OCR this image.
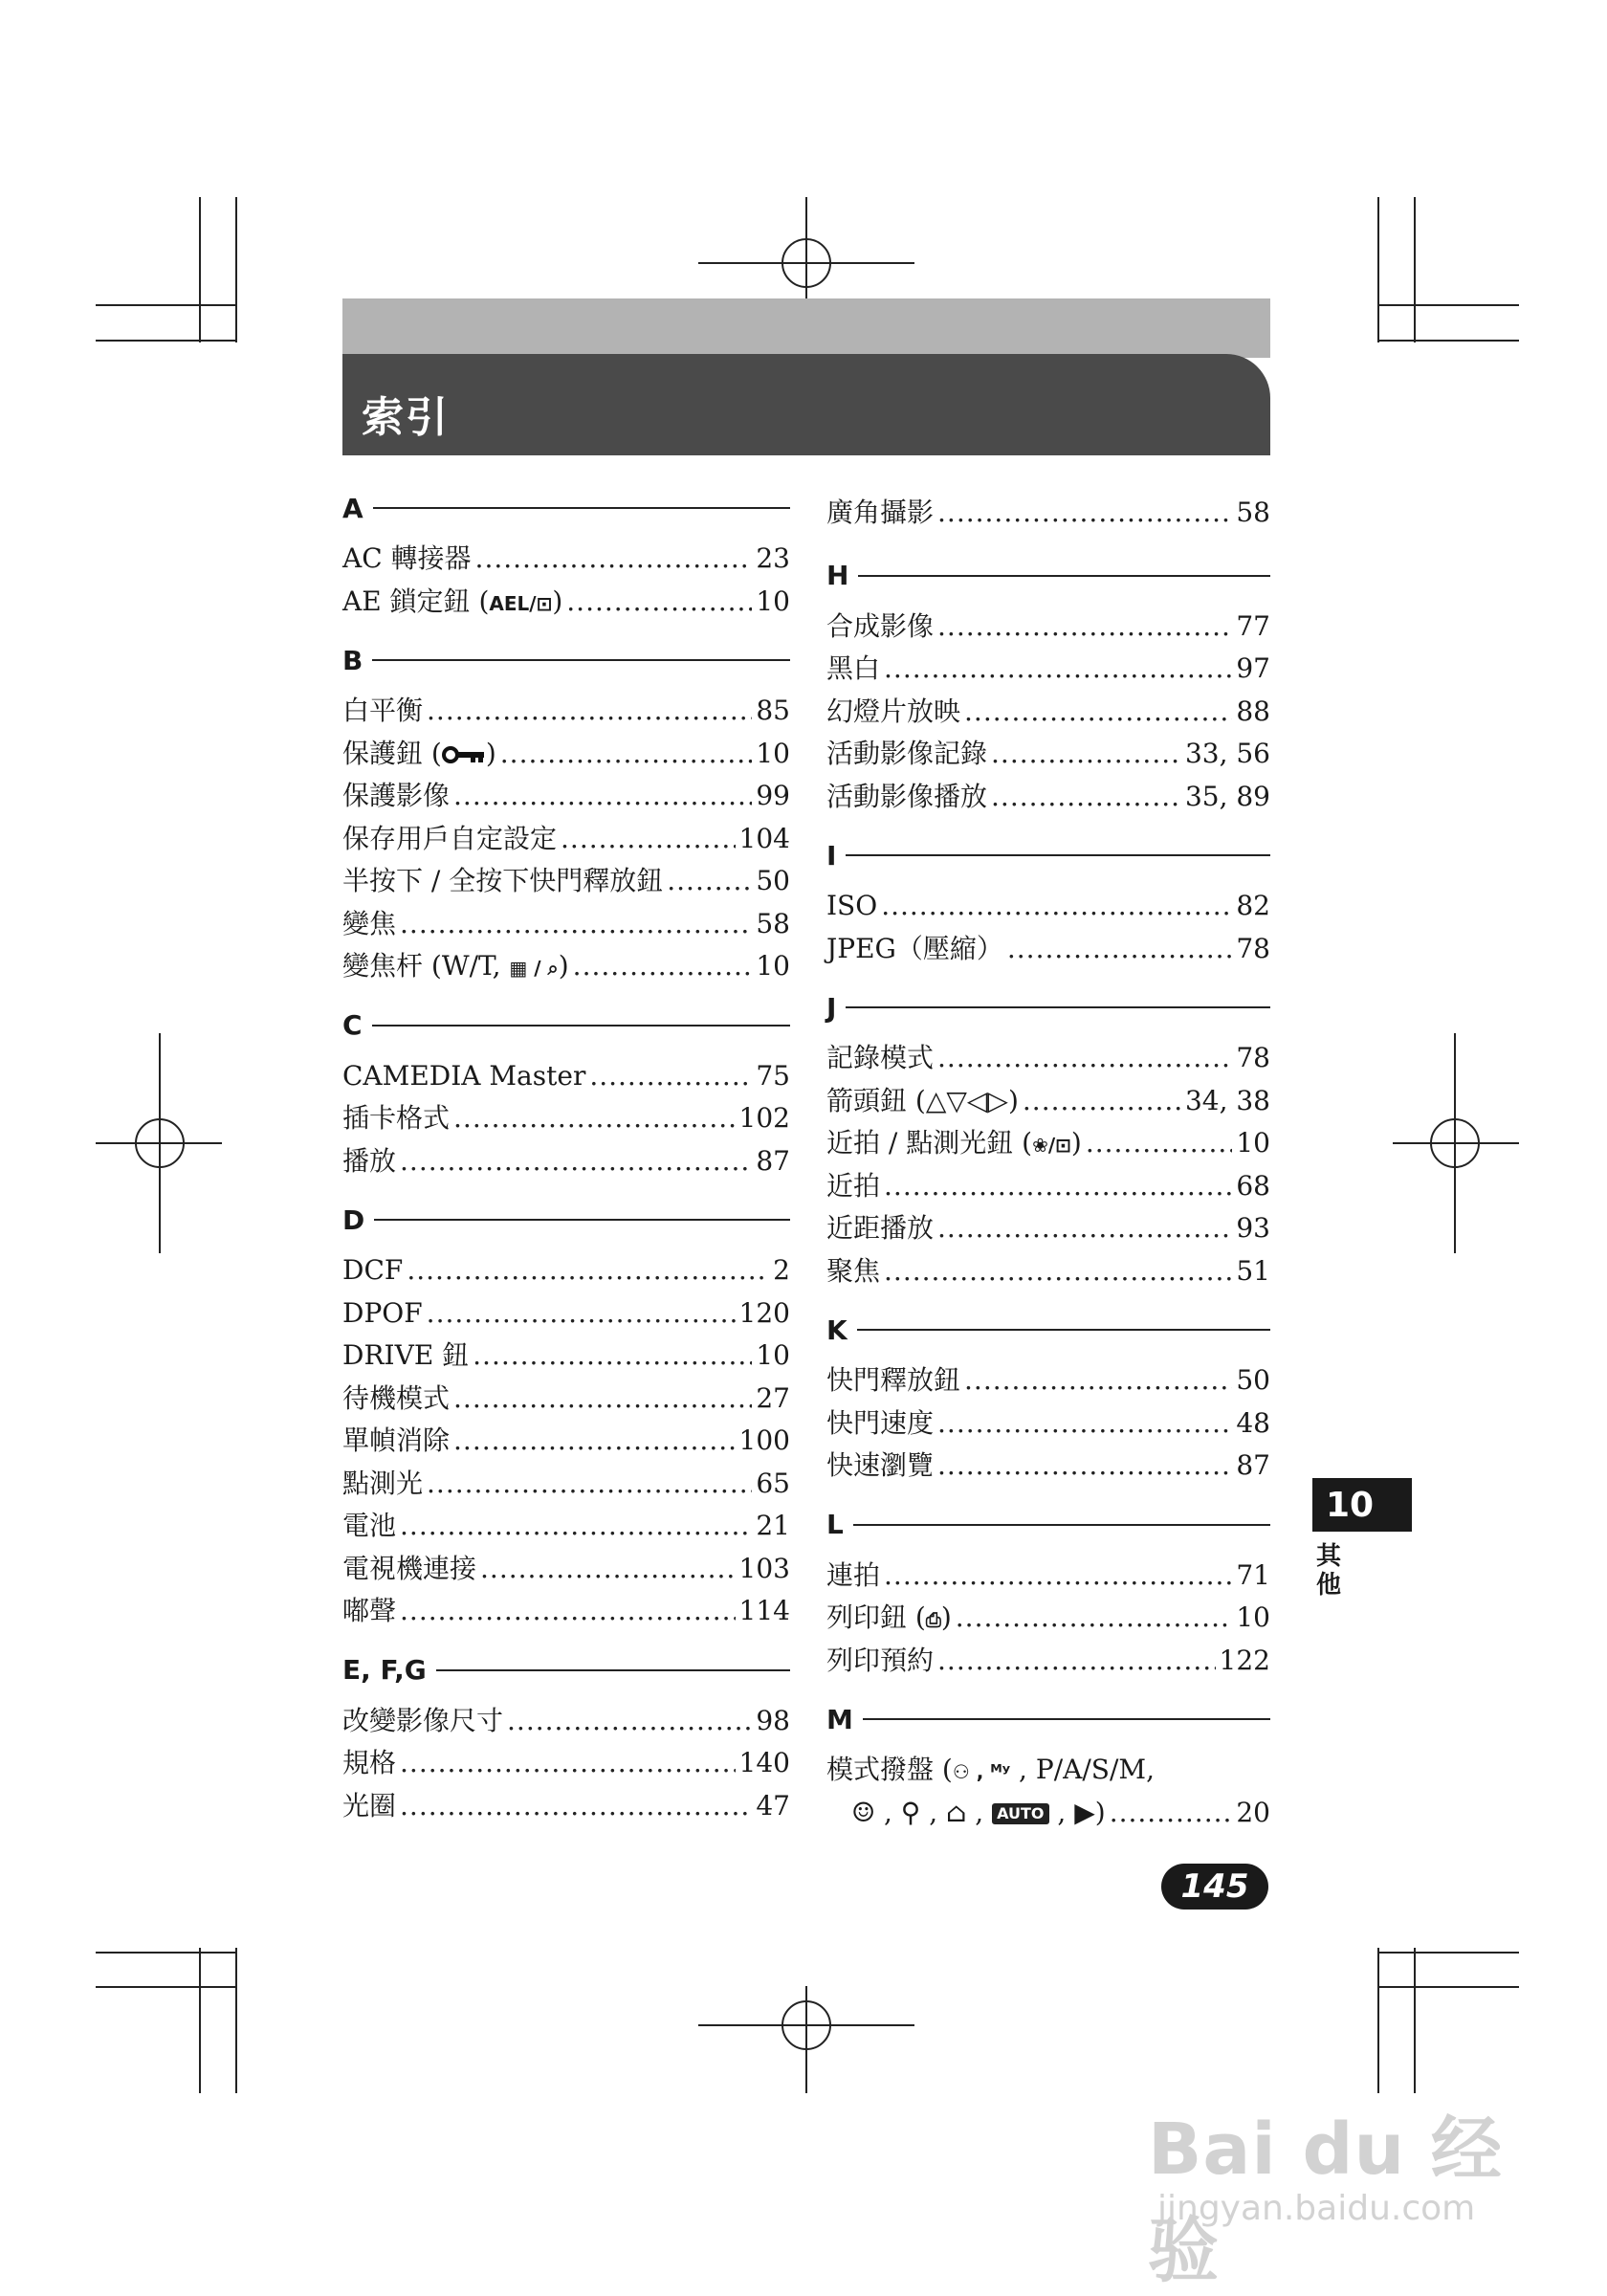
索引
A
AC 轉接器 .....	23
AE 鎖定鈕 (AEL/⊡) .....	10
B
白平衡 .....	85
保護鈕 ( ) .....	10
保護影像 .....	99
保存用戶自定設定 .....	104
半按下 / 全按下快門釋放鈕 .....	50
變焦 .....	58
變焦杆 (W/T, ▦ / ⌕) .....	10
C
CAMEDIA Master .....	75
插卡格式 .....	102
播放 .....	87
D
DCF .....	2
DPOF .....	120
DRIVE 鈕 .....	10
待機模式 .....	27
單幀消除 .....	100
點測光 .....	65
電池 .....	21
電視機連接 .....	103
嘟聲 .....	114
E, F,G
改變影像尺寸 .....	98
規格 .....	140
光圈 .....	47
廣角攝影 .....	58
H
合成影像 .....	77
黑白 .....	97
幻燈片放映 .....	88
活動影像記錄 .....	33, 56
活動影像播放 .....	35, 89
I
ISO .....	82
JPEG（壓縮） .....	78
J
記錄模式 .....	78
箭頭鈕 (△▽◁▷) .....	34, 38
近拍 / 點測光鈕 (❀/⊡) .....	10
近拍 .....	68
近距播放 .....	93
聚焦 .....	51
K
快門釋放鈕 .....	50
快門速度 .....	48
快速瀏覽 .....	87
L
連拍 .....	71
列印鈕 (⎙) .....	10
列印預約 .....	122
M
模式撥盤 (⚇ , ᴹʸ , P/A/S/M,
☺ , ⚲ , ⌂ , AUTO , ▶) .....	20
10
其他
145
Bai du 经验
jingyan.baidu.com
